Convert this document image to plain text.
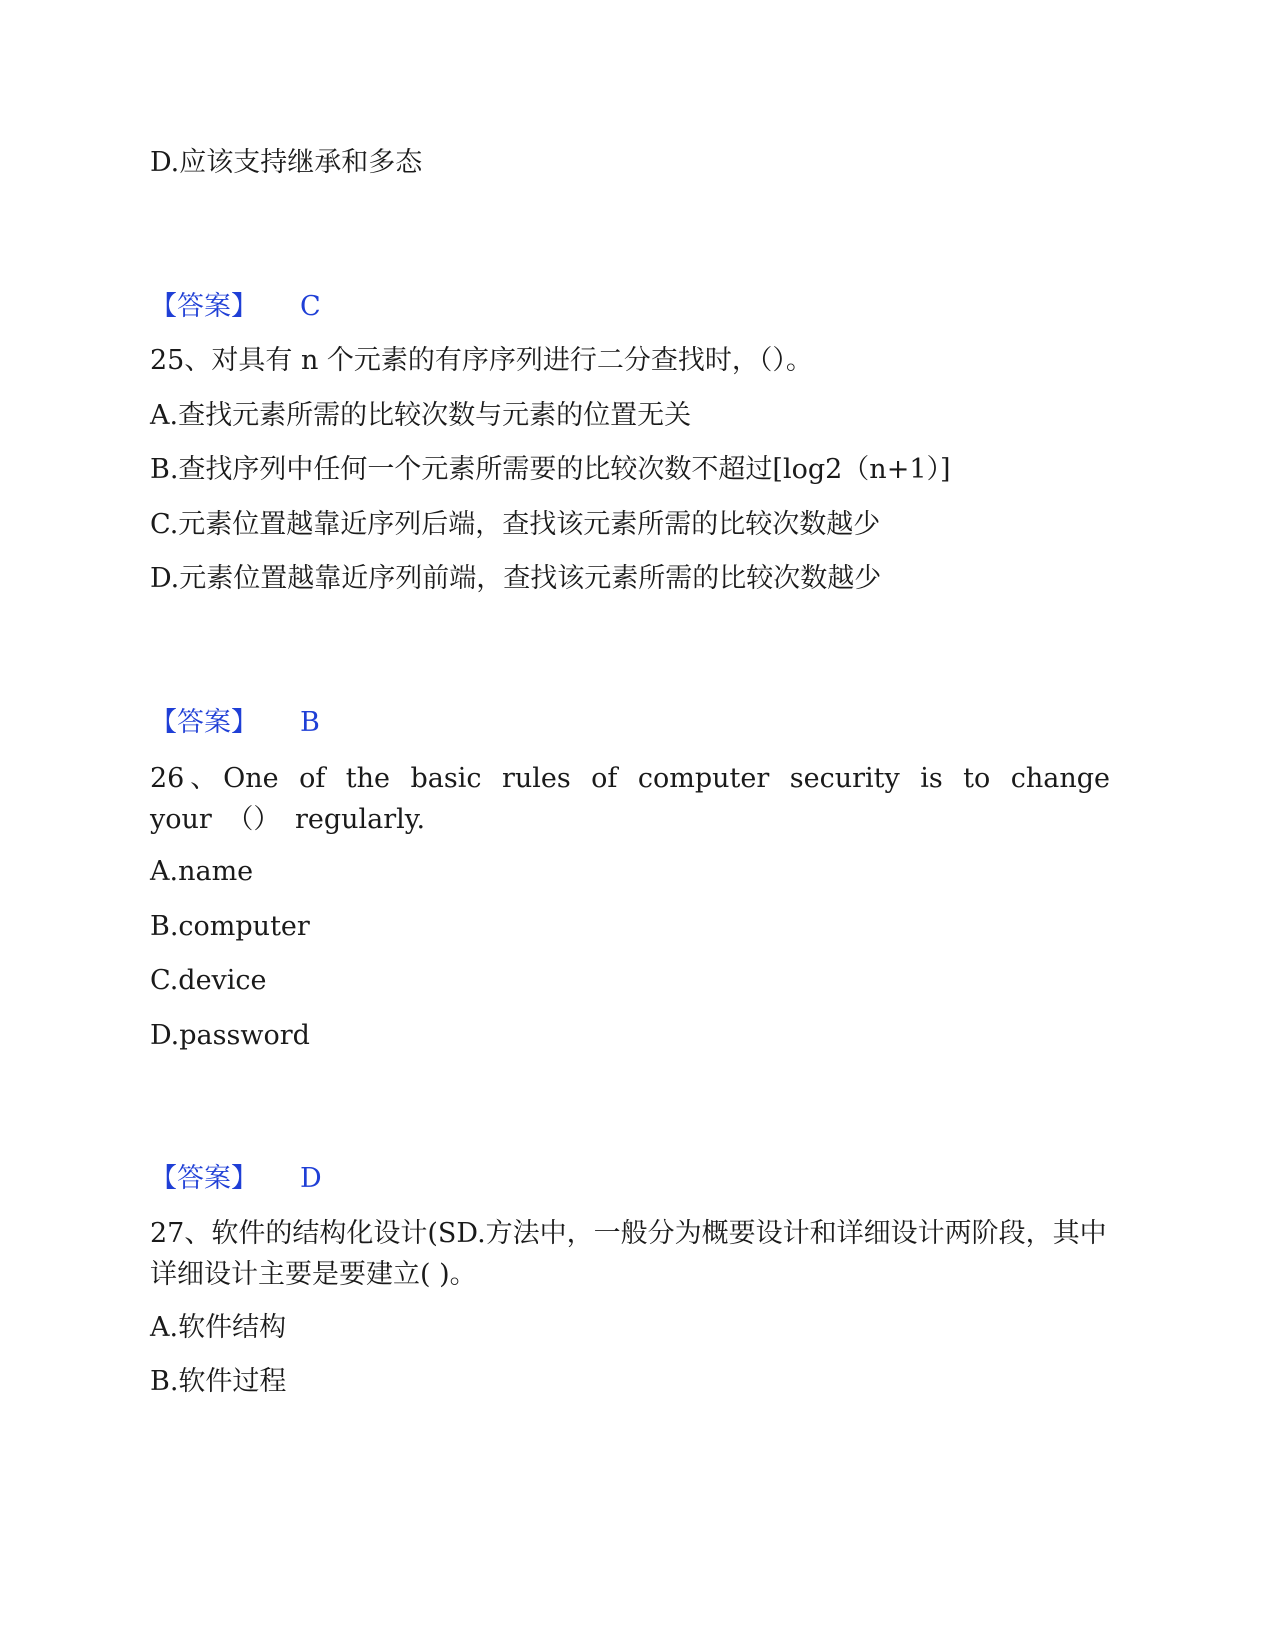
D.应该支持继承和多态
【答案】 C
25、对具有 n 个元素的有序序列进行二分查找时，（）。
A.查找元素所需的比较次数与元素的位置无关
B.查找序列中任何一个元素所需要的比较次数不超过[log2（n+1）]
C.元素位置越靠近序列后端，查找该元素所需的比较次数越少
D.元素位置越靠近序列前端，查找该元素所需的比较次数越少
【答案】 B
26、One of the basic rules of computer security is to change your （） regularly.
A.name
B.computer
C.device
D.password
【答案】 D
27、软件的结构化设计(SD.方法中，一般分为概要设计和详细设计两阶段，其中详细设计主要是要建立( )。
A.软件结构
B.软件过程
